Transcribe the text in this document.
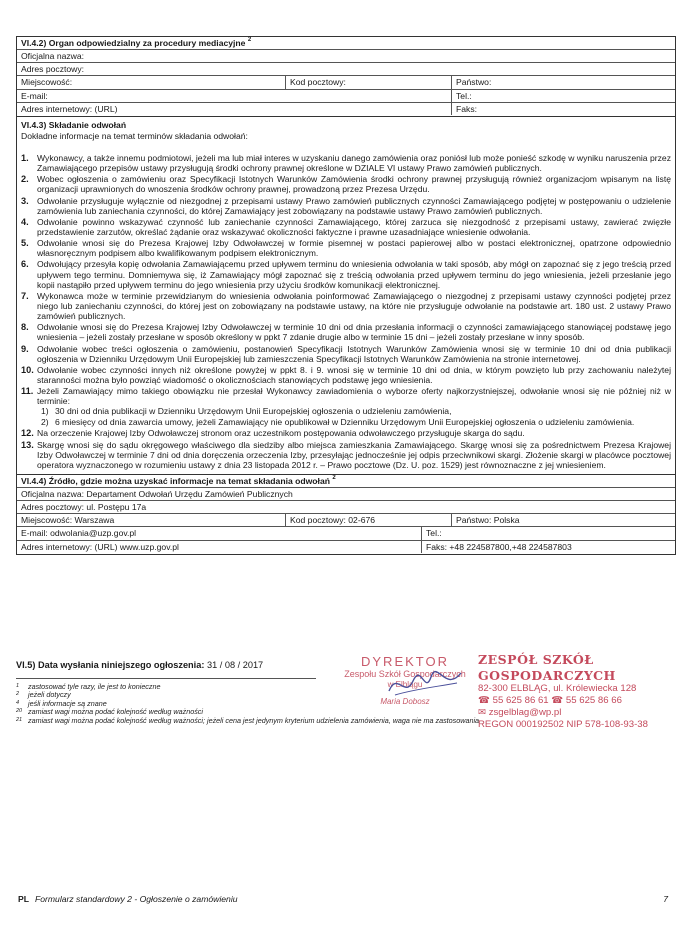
VI.4.2) Organ odpowiedzialny za procedury mediacyjne $^2$
Oficjalna nazwa:
Adres pocztowy:
Miejscowość:	Kod pocztowy:	Państwo:
E-mail:	Tel.:
Adres internetowy: (URL)	Faks:
VI.4.3) Składanie odwołań
Dokładne informacje na temat terminów składania odwołań:
1. Wykonawcy, a także innemu podmiotowi, jeżeli ma lub miał interes w uzyskaniu danego zamówienia oraz poniósł lub może ponieść szkodę w wyniku naruszenia przez Zamawiającego przepisów ustawy przysługują środki ochrony prawnej określone w DZIALE VI ustawy Prawo zamówień publicznych.
2. Wobec ogłoszenia o zamówieniu oraz Specyfikacji Istotnych Warunków Zamówienia środki ochrony prawnej przysługują również organizacjom wpisanym na listę organizacji uprawnionych do wnoszenia środków ochrony prawnej, prowadzoną przez Prezesa Urzędu.
3. Odwołanie przysługuje wyłącznie od niezgodnej z przepisami ustawy Prawo zamówień publicznych czynności Zamawiającego podjętej w postępowaniu o udzielenie zamówienia lub zaniechania czynności, do której Zamawiający jest zobowiązany na podstawie ustawy Prawo zamówień publicznych.
4. Odwołanie powinno wskazywać czynność lub zaniechanie czynności Zamawiającego, której zarzuca się niezgodność z przepisami ustawy, zawierać zwięzłe przedstawienie zarzutów, określać żądanie oraz wskazywać okoliczności faktyczne i prawne uzasadniające wniesienie odwołania.
5. Odwołanie wnosi się do Prezesa Krajowej Izby Odwoławczej w formie pisemnej w postaci papierowej albo w postaci elektronicznej, opatrzone odpowiednio własnoręcznym podpisem albo kwalifikowanym podpisem elektronicznym.
6. Odwołujący przesyła kopię odwołania Zamawiającemu przed upływem terminu do wniesienia odwołania w taki sposób, aby mógł on zapoznać się z jego treścią przed upływem tego terminu. Domniemywa się, iż Zamawiający mógł zapoznać się z treścią odwołania przed upływem terminu do jego wniesienia, jeżeli przesłanie jego kopii nastąpiło przed upływem terminu do jego wniesienia przy użyciu środków komunikacji elektronicznej.
7. Wykonawca może w terminie przewidzianym do wniesienia odwołania poinformować Zamawiającego o niezgodnej z przepisami ustawy czynności podjętej przez niego lub zaniechaniu czynności, do której jest on zobowiązany na podstawie ustawy, na które nie przysługuje odwołanie na podstawie art. 180 ust. 2 ustawy Prawo zamówień publicznych.
8. Odwołanie wnosi się do Prezesa Krajowej Izby Odwoławczej w terminie 10 dni od dnia przesłania informacji o czynności zamawiającego stanowiącej podstawę jego wniesienia – jeżeli zostały przesłane w sposób określony w ppkt 7 zdanie drugie albo w terminie 15 dni – jeżeli zostały przesłane w inny sposób.
9. Odwołanie wobec treści ogłoszenia o zamówieniu, postanowień Specyfikacji Istotnych Warunków Zamówienia wnosi się w terminie 10 dni od dnia publikacji ogłoszenia w Dzienniku Urzędowym Unii Europejskiej lub zamieszczenia Specyfikacji Istotnych Warunków Zamówienia na stronie internetowej.
10. Odwołanie wobec czynności innych niż określone powyżej w ppkt 8. i 9. wnosi się w terminie 10 dni od dnia, w którym powzięto lub przy zachowaniu należytej staranności można było powziąć wiadomość o okolicznościach stanowiących podstawę jego wniesienia.
11. Jeżeli Zamawiający mimo takiego obowiązku nie przesłał Wykonawcy zawiadomienia o wyborze oferty najkorzystniejszej, odwołanie wnosi się nie później niż w terminie:
1) 30 dni od dnia publikacji w Dzienniku Urzędowym Unii Europejskiej ogłoszenia o udzieleniu zamówienia,
2) 6 miesięcy od dnia zawarcia umowy, jeżeli Zamawiający nie opublikował w Dzienniku Urzędowym Unii Europejskiej ogłoszenia o udzieleniu zamówienia.
12. Na orzeczenie Krajowej Izby Odwoławczej stronom oraz uczestnikom postępowania odwoławczego przysługuje skarga do sądu.
13. Skargę wnosi się do sądu okręgowego właściwego dla siedziby albo miejsca zamieszkania Zamawiającego. Skargę wnosi się za pośrednictwem Prezesa Krajowej Izby Odwoławczej w terminie 7 dni od dnia doręczenia orzeczenia Izby, przesyłając jednocześnie jej odpis przeciwnikowi skargi. Złożenie skargi w placówce pocztowej operatora wyznaczonego w rozumieniu ustawy z dnia 23 listopada 2012 r. – Prawo pocztowe (Dz. U. poz. 1529) jest równoznaczne z jej wniesieniem.
VI.4.4) Źródło, gdzie można uzyskać informacje na temat składania odwołań $^2$
Oficjalna nazwa: Departament Odwołań Urzędu Zamówień Publicznych
Adres pocztowy: ul. Postępu 17a
Miejscowość: Warszawa	Kod pocztowy: 02-676	Państwo: Polska
E-mail: odwolania@uzp.gov.pl	Tel.:
Adres internetowy: (URL) www.uzp.gov.pl	Faks: +48 224587800,+48 224587803
VI.5) Data wysłania niniejszego ogłoszenia: 31 / 08 / 2017	DYREKTOR
Zespołu Szkół Gospodarczych
w Elblągu
Maria Dobosz
ZESPÓŁ SZKÓŁ GOSPODARCZYCH
82-300 ELBLĄG, ul. Królewiecka 128
☎ 55 625 86 61 ☎ 55 625 86 66
✉ zsgelblag@wp.pl
REGON 000192502 NIP 578-108-93-38
1	zastosować tyle razy, ile jest to konieczne
2	jeżeli dotyczy
4	jeśli informacje są znane
20 zamiast wagi można podać kolejność według ważności
21 zamiast wagi można podać kolejność według ważności; jeżeli cena jest jedynym kryterium udzielenia zamówienia, waga nie ma zastosowania
PL Formularz standardowy 2 - Ogłoszenie o zamówieniu	7
